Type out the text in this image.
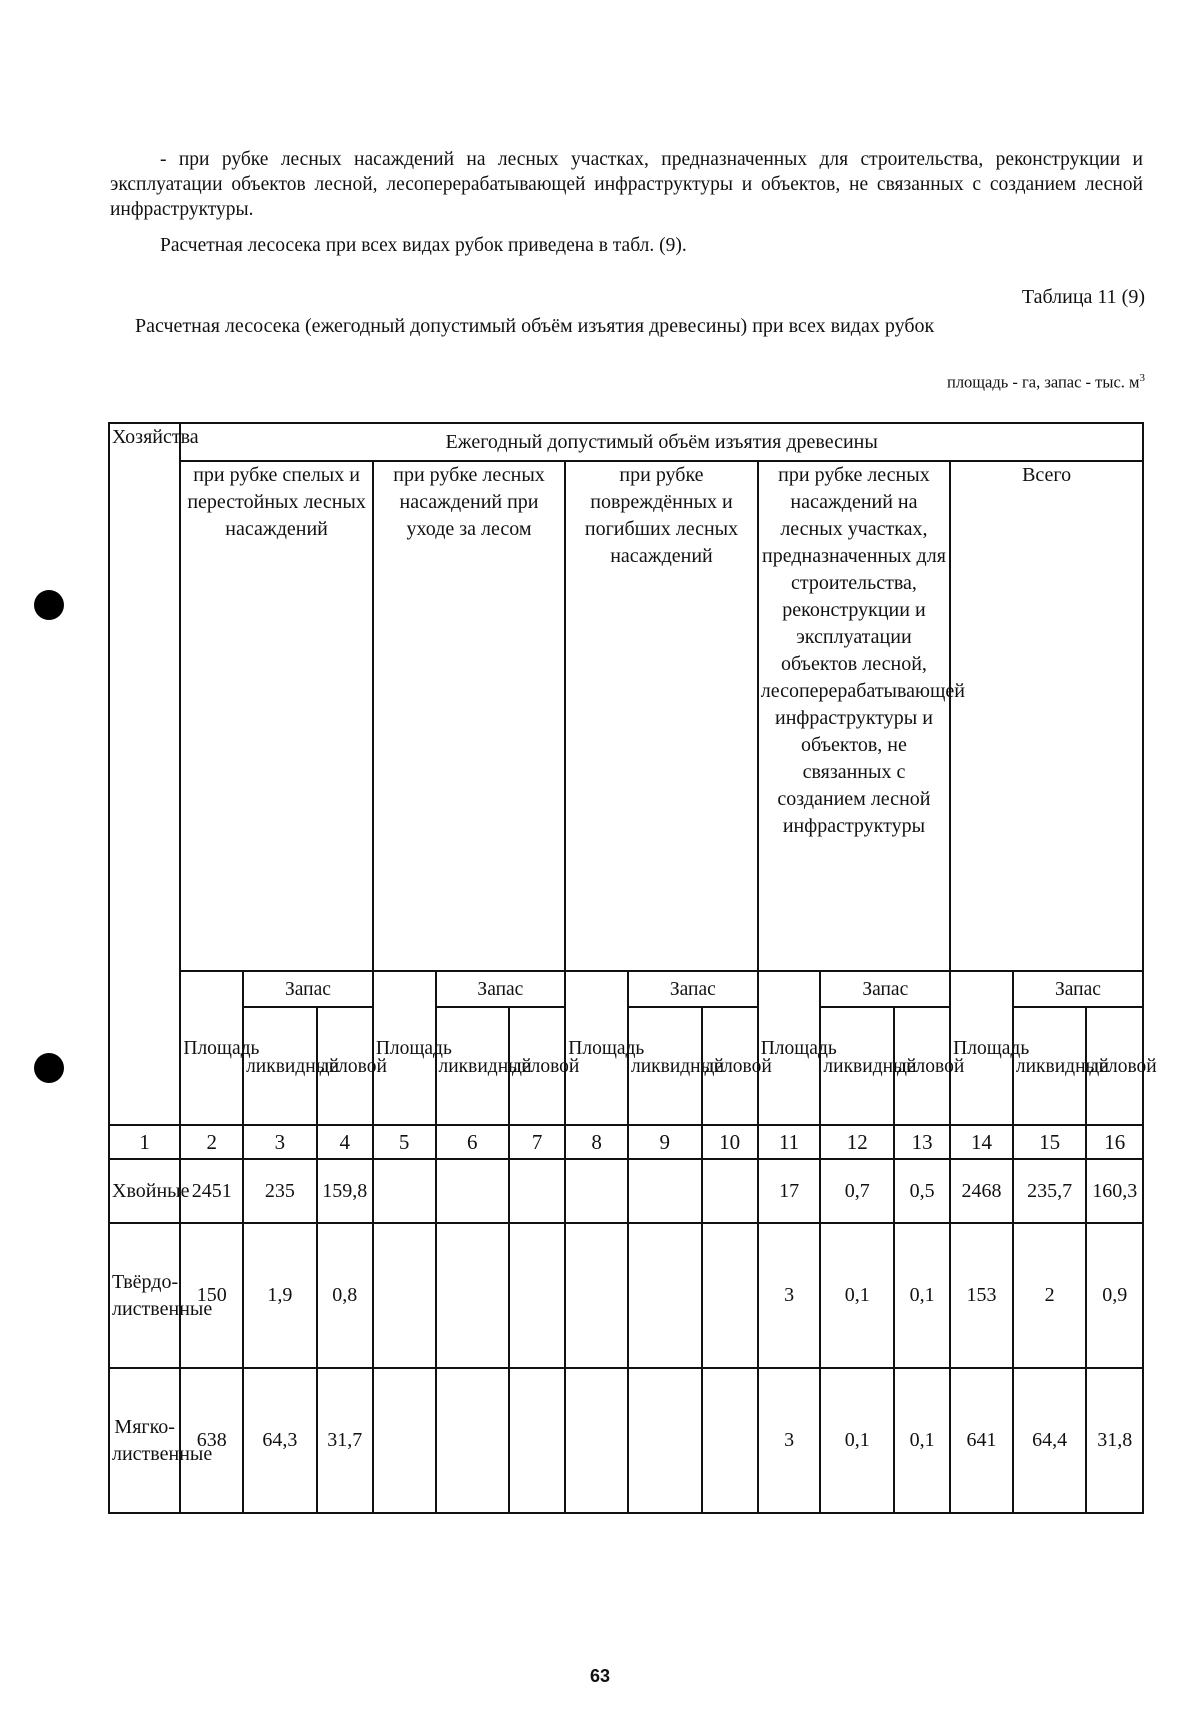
- при рубке лесных насаждений на лесных участках, предназначенных для строительства, реконструкции и эксплуатации объектов лесной, лесоперерабатывающей инфраструктуры и объектов, не связанных с созданием лесной инфраструктуры.

Расчетная лесосека при всех видах рубок приведена в табл. (9).

Таблица 11 (9)
Расчетная лесосека (ежегодный допустимый объём изъятия древесины) при всех видах рубок
площадь - га, запас - тыс. $м^3$
Хозяйства	Ежегодный допустимый объём изъятия древесины														
	при рубке спелых и перестойных лесных насаждений			при рубке лесных насаждений при уходе за лесом			при рубке повреждённых и погибших лесных насаждений			при рубке лесных насаждений на лесных участках, предназначенных для строительства, реконструкции и эксплуатации объектов лесной, лесоперерабатывающей инфраструктуры и объектов, не связанных с созданием лесной инфраструктуры			Всего		
	Площадь	Запас		Площадь	Запас		Площадь	Запас		Площадь	Запас		Площадь	Запас	
		ликвидный	деловой		ликвидный	деловой		ликвидный	деловой		ликвидный	деловой		ликвидный	деловой
1	2	3	4	5	6	7	8	9	10	11	12	13	14	15	16
Хвойные	2451	235	159,8							17	0,7	0,5	2468	235,7	160,3
Твёрдо-лиственные	150	1,9	0,8							3	0,1	0,1	153	2	0,9
Мягко-лиственные	638	64,3	31,7							3	0,1	0,1	641	64,4	31,8
63
